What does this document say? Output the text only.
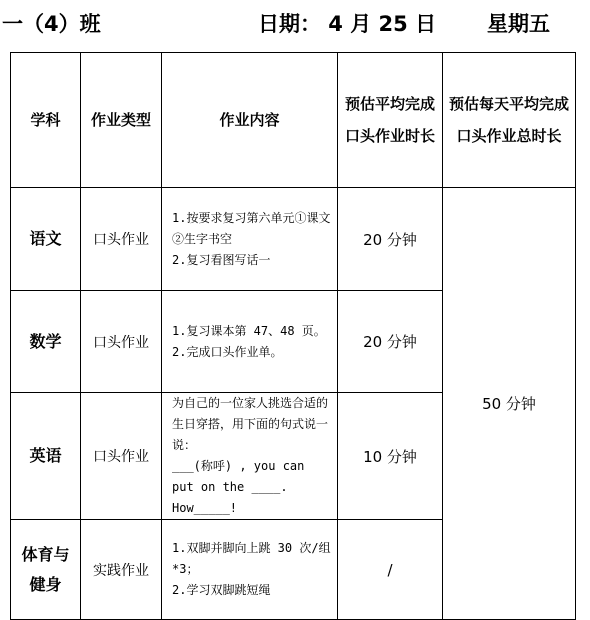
一（4）班	日期： 4 月 25 日 星期五
学科	作业类型	作业内容	预估平均完成口头作业时长	预估每天平均完成口头作业总时长
语文	口头作业	1.按要求复习第六单元①课文 ②生字书空
2.复习看图写话一	20 分钟	50 分钟
数学	口头作业	1.复习课本第 47、48 页。
2.完成口头作业单。	20 分钟	
英语	口头作业	为自己的一位家人挑选合适的生日穿搭，用下面的句式说一说：
___(称呼) , you can put on the ____. How_____!	10 分钟	
体育与健身	实践作业	1.双脚并脚向上跳 30 次/组*3；
2.学习双脚跳短绳	/	
